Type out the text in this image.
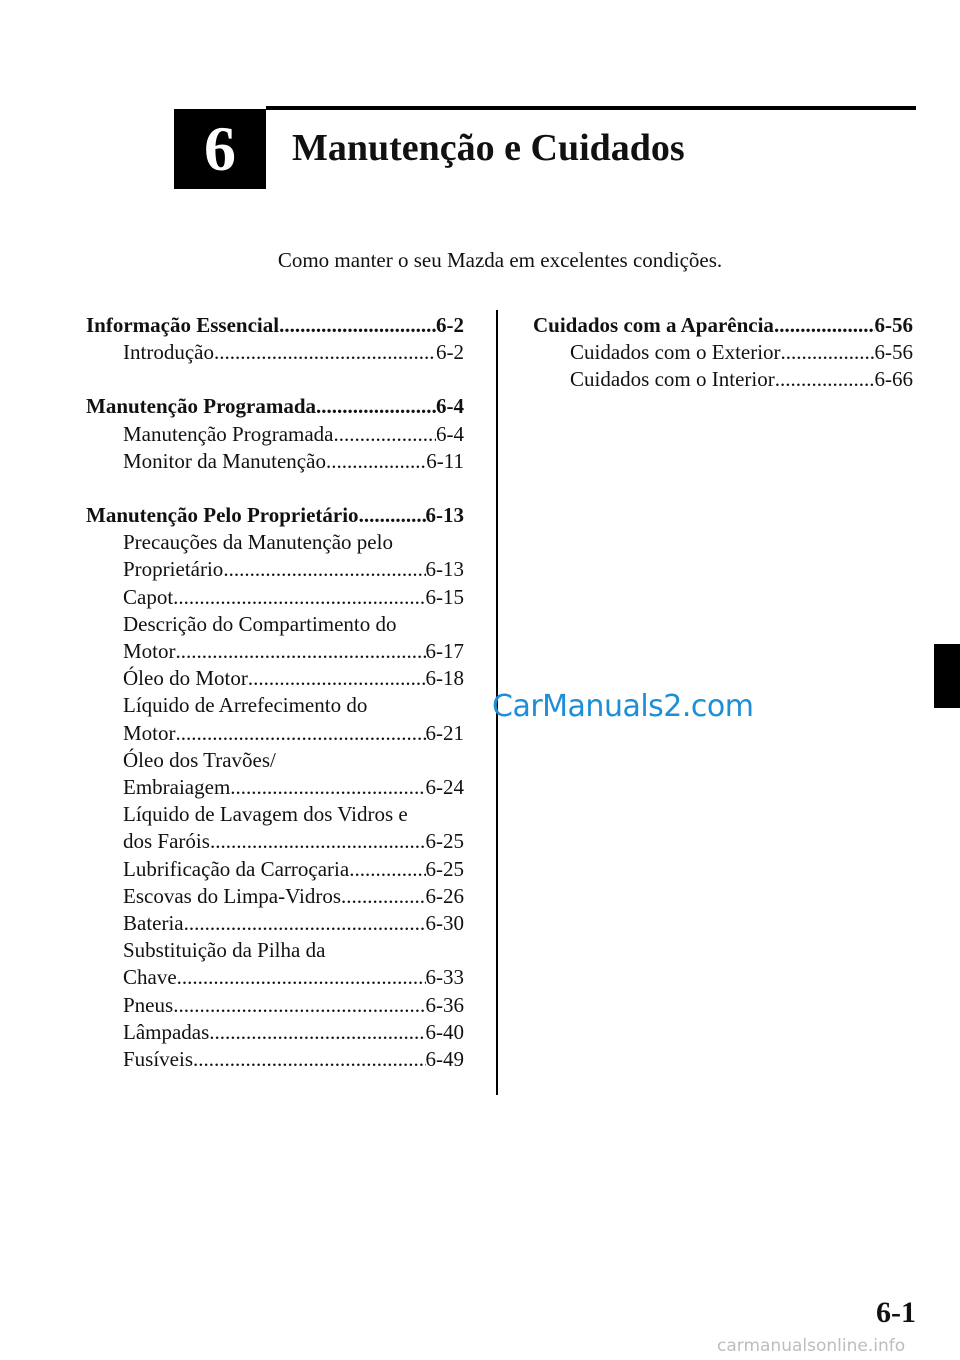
6	Manutenção e Cuidados
Como manter o seu Mazda em excelentes condições.
Informação Essencial .....	6-2
Introdução .....	6-2
Manutenção Programada .....	6-4
Manutenção Programada .....	6-4
Monitor da Manutenção .....	6-11
Manutenção Pelo Proprietário .....	6-13
Precauções da Manutenção pelo
Proprietário .....	6-13
Capot .....	6-15
Descrição do Compartimento do
Motor .....	6-17
Óleo do Motor .....	6-18
Líquido de Arrefecimento do
Motor .....	6-21
Óleo dos Travões/
Embraiagem .....	6-24
Líquido de Lavagem dos Vidros e
dos Faróis .....	6-25
Lubrificação da Carroçaria .....	6-25
Escovas do Limpa-Vidros .....	6-26
Bateria .....	6-30
Substituição da Pilha da
Chave .....	6-33
Pneus .....	6-36
Lâmpadas .....	6-40
Fusíveis .....	6-49
Cuidados com a Aparência .....	6-56
Cuidados com o Exterior .....	6-56
Cuidados com o Interior .....	6-66
CarManuals2.com
6-1
carmanualsonline.info
